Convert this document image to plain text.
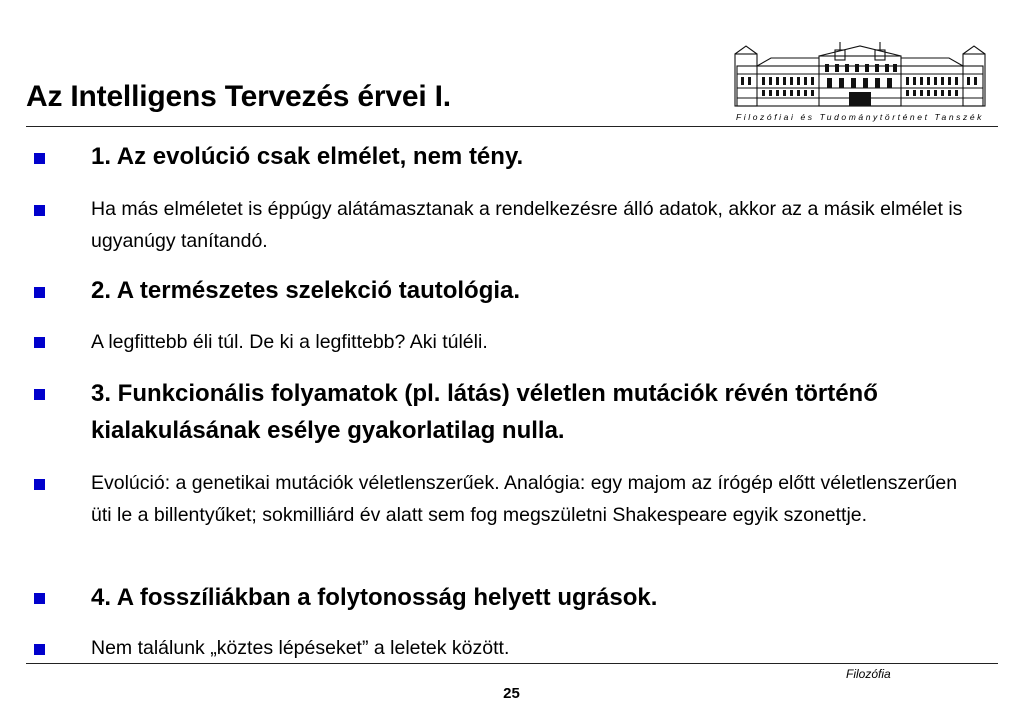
Az Intelligens Tervezés érvei I.
Filozófiai és Tudománytörténet Tanszék
1. Az evolúció csak elmélet, nem tény.
Ha más elméletet is éppúgy alátámasztanak a rendelkezésre álló adatok, akkor az a másik elmélet is ugyanúgy tanítandó.
2. A természetes szelekció tautológia.
A legfittebb éli túl. De ki a legfittebb? Aki túléli.
3. Funkcionális folyamatok (pl. látás) véletlen mutációk révén történő kialakulásának esélye gyakorlatilag nulla.
Evolúció: a genetikai mutációk véletlenszerűek. Analógia: egy majom az írógép előtt véletlenszerűen üti le a billentyűket; sokmilliárd év alatt sem fog megszületni Shakespeare egyik szonettje.
4. A fosszíliákban a folytonosság helyett ugrások.
Nem találunk „köztes lépéseket” a leletek között.
Filozófia
25
